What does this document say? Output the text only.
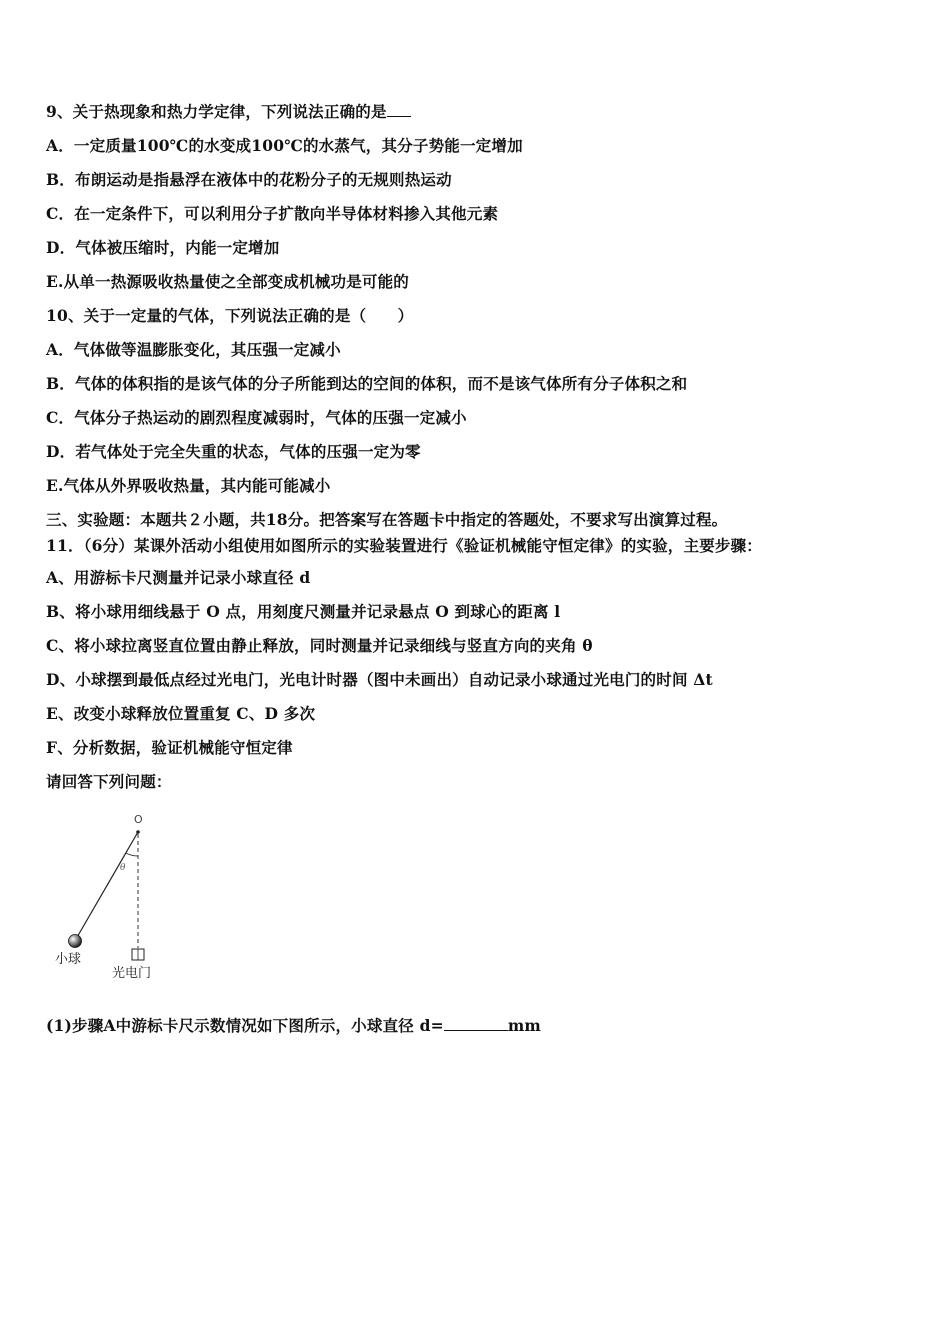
9、关于热现象和热力学定律，下列说法正确的是
A．一定质量100℃的水变成100℃的水蒸气，其分子势能一定增加
B．布朗运动是指悬浮在液体中的花粉分子的无规则热运动
C．在一定条件下，可以利用分子扩散向半导体材料掺入其他元素
D．气体被压缩时，内能一定增加
E.从单一热源吸收热量使之全部变成机械功是可能的
10、关于一定量的气体，下列说法正确的是（　　）
A．气体做等温膨胀变化，其压强一定减小
B．气体的体积指的是该气体的分子所能到达的空间的体积，而不是该气体所有分子体积之和
C．气体分子热运动的剧烈程度减弱时，气体的压强一定减小
D．若气体处于完全失重的状态，气体的压强一定为零
E.气体从外界吸收热量，其内能可能减小
三、实验题：本题共２小题，共18分。把答案写在答题卡中指定的答题处，不要求写出演算过程。
11．（6分）某课外活动小组使用如图所示的实验装置进行《验证机械能守恒定律》的实验，主要步骤：
A、用游标卡尺测量并记录小球直径 d
B、将小球用细线悬于 O 点，用刻度尺测量并记录悬点 O 到球心的距离 l
C、将小球拉离竖直位置由静止释放，同时测量并记录细线与竖直方向的夹角 θ
D、小球摆到最低点经过光电门，光电计时器（图中未画出）自动记录小球通过光电门的时间 Δt
E、改变小球释放位置重复 C、D 多次
F、分析数据，验证机械能守恒定律
请回答下列问题：
O
θ
小球
光电门
(1)步骤A中游标卡尺示数情况如下图所示，小球直径 d=	mm
